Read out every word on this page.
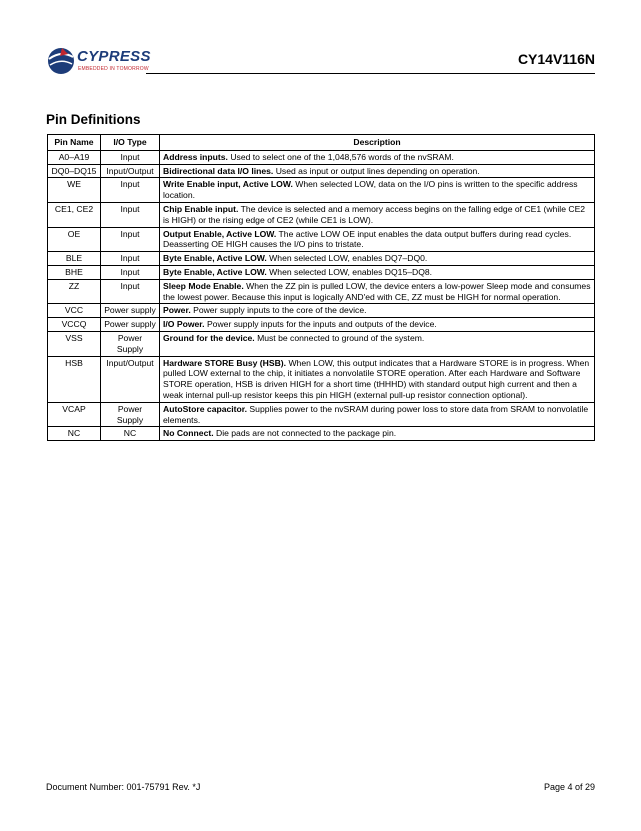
CYPRESS
EMBEDDED IN TOMORROW
CY14V116N
Pin Definitions
Pin Name	I/O Type	Description
A0–A19	Input	Address inputs. Used to select one of the 1,048,576 words of the nvSRAM.
DQ0–DQ15	Input/Output	Bidirectional data I/O lines. Used as input or output lines depending on operation.
WE	Input	Write Enable input, Active LOW. When selected LOW, data on the I/O pins is written to the specific address location.
CE1, CE2	Input	Chip Enable input. The device is selected and a memory access begins on the falling edge of CE1 (while CE2 is HIGH) or the rising edge of CE2 (while CE1 is LOW).
OE	Input	Output Enable, Active LOW. The active LOW OE input enables the data output buffers during read cycles. Deasserting OE HIGH causes the I/O pins to tristate.
BLE	Input	Byte Enable, Active LOW. When selected LOW, enables DQ7–DQ0.
BHE	Input	Byte Enable, Active LOW. When selected LOW, enables DQ15–DQ8.
ZZ	Input	Sleep Mode Enable. When the ZZ pin is pulled LOW, the device enters a low-power Sleep mode and consumes the lowest power. Because this input is logically AND'ed with CE, ZZ must be HIGH for normal operation.
VCC	Power supply	Power. Power supply inputs to the core of the device.
VCCQ	Power supply	I/O Power. Power supply inputs for the inputs and outputs of the device.
VSS	Power Supply	Ground for the device. Must be connected to ground of the system.
HSB	Input/Output	Hardware STORE Busy (HSB). When LOW, this output indicates that a Hardware STORE is in progress. When pulled LOW external to the chip, it initiates a nonvolatile STORE operation. After each Hardware and Software STORE operation, HSB is driven HIGH for a short time (tHHHD) with standard output high current and then a weak internal pull-up resistor keeps this pin HIGH (external pull-up resistor connection optional).
VCAP	Power Supply	AutoStore capacitor. Supplies power to the nvSRAM during power loss to store data from SRAM to nonvolatile elements.
NC	NC	No Connect. Die pads are not connected to the package pin.
Document Number: 001-75791 Rev. *J	Page 4 of 29
